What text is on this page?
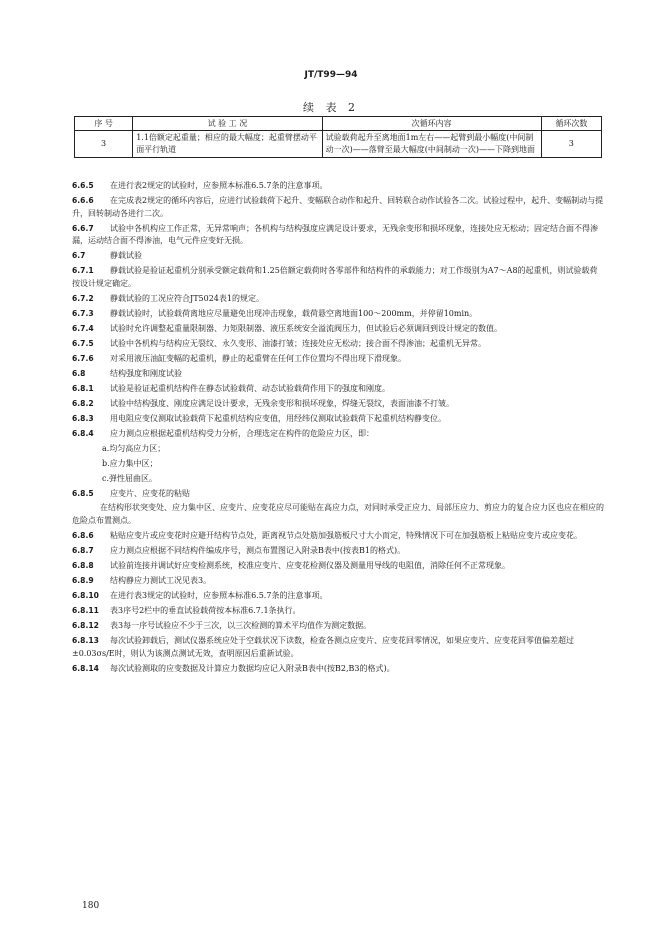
JT/T99—94
续 表 2
序 号	试 验 工 况	次循环内容	循环次数
3	1.1倍额定起重量；相应的最大幅度；起重臂摆动平面平行轨道	试验载荷起升至离地面1m左右——起臂到最小幅度(中间制动一次)——落臂至最大幅度(中间制动一次)——下降到地面	3

6.6.5 在进行表2规定的试验时，应参照本标准6.5.7条的注意事项。

6.6.6 在完成表2规定的循环内容后，应进行试验载荷下起升、变幅联合动作和起升、回转联合动作试验各二次。试验过程中，起升、变幅制动与提升，回转制动各进行二次。

6.6.7 试验中各机构应工作正常，无异常响声；各机构与结构强度应满足设计要求，无残余变形和损坏现象，连接处应无松动；固定结合面不得渗漏，运动结合面不得渗油，电气元件应变好无损。

6.7	静载试验

6.7.1 静载试验是验证起重机分别承受额定载荷和1.25倍额定载荷时各零部件和结构件的承载能力；对工作级别为A7～A8的起重机，则试验载荷按设计规定确定。

6.7.2 静载试验的工况应符合JT5024表1的规定。

6.7.3 静载试验时，试验载荷离地应尽量避免出现冲击现象，载荷悬空离地面100～200mm，并停留10min。

6.7.4 试验时允许调整起重量限制器、力矩限制器、液压系统安全溢流阀压力，但试验后必须调回到设计规定的数值。

6.7.5 试验中各机构与结构应无裂纹、永久变形、油漆打皱；连接处应无松动；接合面不得渗油；起重机无异常。

6.7.6 对采用液压油缸变幅的起重机，静止的起重臂在任何工作位置均不得出现下滑现象。

6.8	结构强度和刚度试验

6.8.1 试验是验证起重机结构件在静态试验载荷、动态试验载荷作用下的强度和刚度。

6.8.2 试验中结构强度、刚度应满足设计要求，无残余变形和损坏现象，焊缝无裂纹，表面油漆不打皱。

6.8.3 用电阻应变仪测取试验载荷下起重机结构应变值，用经纬仪测取试验载荷下起重机结构静变位。

6.8.4 应力测点应根据起重机结构受力分析，合理选定在构件的危险应力区，即：

a.均匀高应力区；

b.应力集中区；

c.弹性屈曲区。

6.8.5 应变片、应变花的粘贴

在结构形状突变处、应力集中区、应变片、应变花应尽可能贴在高应力点，对同时承受正应力、局部压应力、剪应力的复合应力区也应在相应的危险点布置测点。

6.8.6 粘贴应变片或应变花时应避开结构节点处，距离视节点处筋加强筋板尺寸大小而定，特殊情况下可在加强筋板上粘贴应变片或应变花。

6.8.7 应力测点应根据不同结构件编成序号，测点布置图记入附录B表中(按表B1的格式)。

6.8.8 试验前连接并调试好应变检测系统，校准应变片、应变花检测仪器及测量用导线的电阻值，消除任何不正常现象。

6.8.9 结构静应力测试工况见表3。

6.8.10 在进行表3规定的试验时，应参照本标准6.5.7条的注意事项。

6.8.11 表3序号2栏中的垂直试验载荷按本标准6.7.1条执行。

6.8.12 表3每一序号试验应不少于三次，以三次检测的算术平均值作为测定数据。

6.8.13 每次试验卸载后，测试仪器系统应处于空载状况下读数，检查各测点应变片、应变花回零情况，如果应变片、应变花回零值偏差超过±0.03σs/E时，则认为该测点测试无效，查明原因后重新试验。

6.8.14 每次试验测取的应变数据及计算应力数据均应记入附录B表中(按B2,B3的格式)。

180
